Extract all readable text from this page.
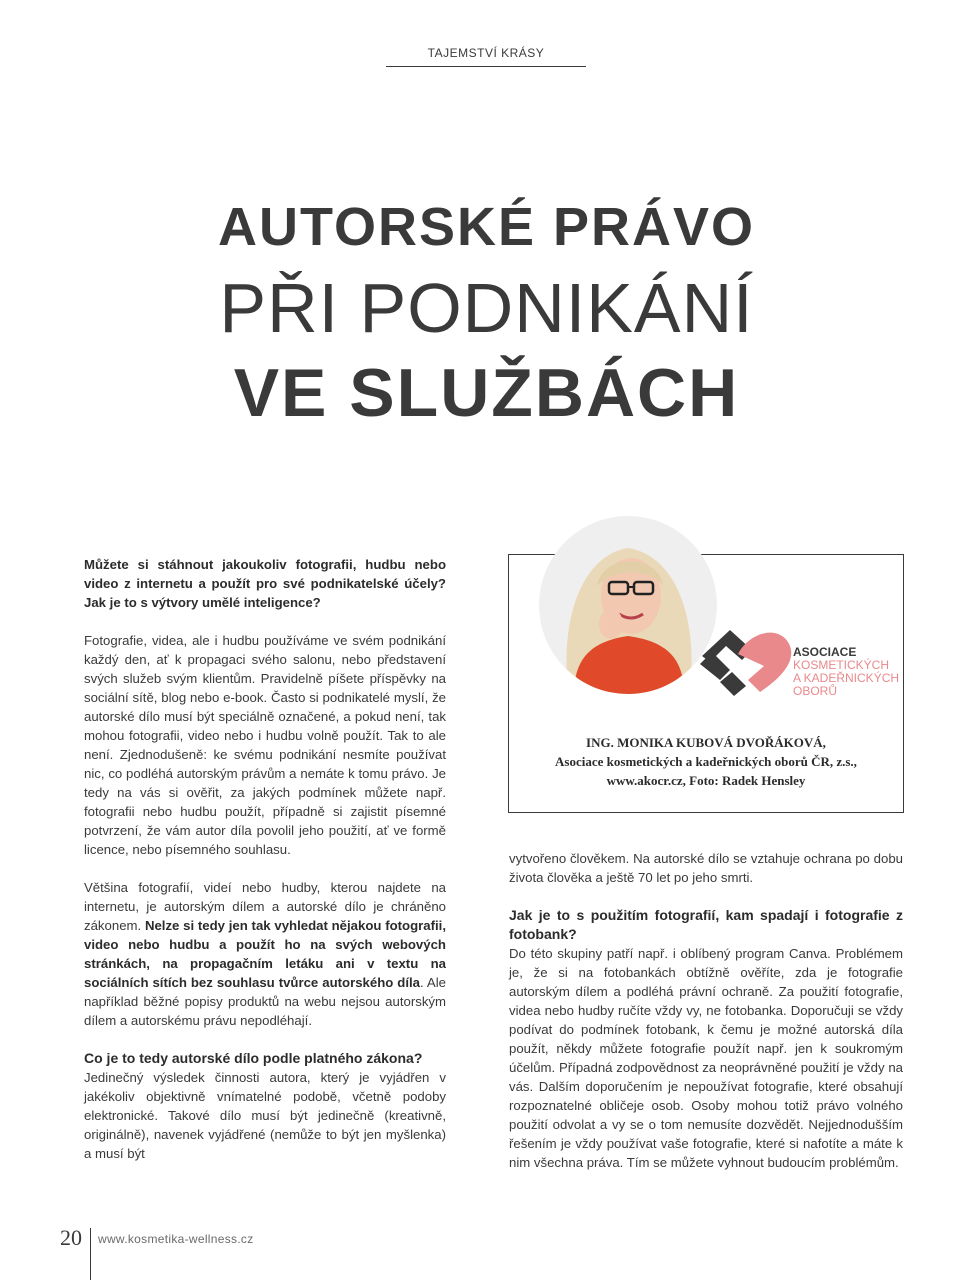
TAJEMSTVÍ KRÁSY
AUTORSKÉ PRÁVO
PŘI PODNIKÁNÍ
VE SLUŽBÁCH

Můžete si stáhnout jakoukoliv fotografii, hudbu nebo video z internetu a použít pro své podnikatelské účely? Jak je to s výtvory umělé inteligence?

Fotografie, videa, ale i hudbu používáme ve svém podnikání každý den, ať k propagaci svého salonu, nebo představení svých služeb svým klientům. Pravidelně píšete příspěvky na sociální sítě, blog nebo e-book. Často si podnikatelé myslí, že autorské dílo musí být speciálně označené, a pokud není, tak mohou fotografii, video nebo i hudbu volně použít. Tak to ale není. Zjednodušeně: ke svému podnikání nesmíte používat nic, co podléhá autorským právům a nemáte k tomu právo. Je tedy na vás si ověřit, za jakých podmínek můžete např. fotografii nebo hudbu použít, případně si zajistit písemné potvrzení, že vám autor díla povolil jeho použití, ať ve formě licence, nebo písemného souhlasu.

Většina fotografií, videí nebo hudby, kterou najdete na internetu, je autorským dílem a autorské dílo je chráněno zákonem. Nelze si tedy jen tak vyhledat nějakou fotografii, video nebo hudbu a použít ho na svých webových stránkách, na propagačním letáku ani v textu na sociálních sítích bez souhlasu tvůrce autorského díla. Ale například běžné popisy produktů na webu nejsou autorským dílem a autorskému právu nepodléhají.

Co je to tedy autorské dílo podle platného zákona?

Jedinečný výsledek činnosti autora, který je vyjádřen v jakékoliv objektivně vnímatelné podobě, včetně podoby elektronické. Takové dílo musí být jedinečně (kreativně, originálně), navenek vyjádřené (nemůže to být jen myšlenka) a musí být

ASOCIACE
KOSMETICKÝCH
A KADEŘNICKÝCH
OBORŮ
ING. MONIKA KUBOVÁ DVOŘÁKOVÁ,
Asociace kosmetických a kadeřnických oborů ČR, z.s.,
www.akocr.cz, Foto: Radek Hensley

vytvořeno člověkem. Na autorské dílo se vztahuje ochrana po dobu života člověka a ještě 70 let po jeho smrti.

Jak je to s použitím fotografií, kam spadají i fotografie z fotobank?

Do této skupiny patří např. i oblíbený program Canva. Problémem je, že si na fotobankách obtížně ověříte, zda je fotografie autorským dílem a podléhá právní ochraně. Za použití fotografie, videa nebo hudby ručíte vždy vy, ne fotobanka. Doporučuji se vždy podívat do podmínek fotobank, k čemu je možné autorská díla použít, někdy můžete fotografie použít např. jen k soukromým účelům. Případná zodpovědnost za neoprávněné použití je vždy na vás. Dalším doporučením je nepoužívat fotografie, které obsahují rozpoznatelné obličeje osob. Osoby mohou totiž právo volného použití odvolat a vy se o tom nemusíte dozvědět. Nejjednodušším řešením je vždy používat vaše fotografie, které si nafotíte a máte k nim všechna práva. Tím se můžete vyhnout budoucím problémům.

20 www.kosmetika-wellness.cz
